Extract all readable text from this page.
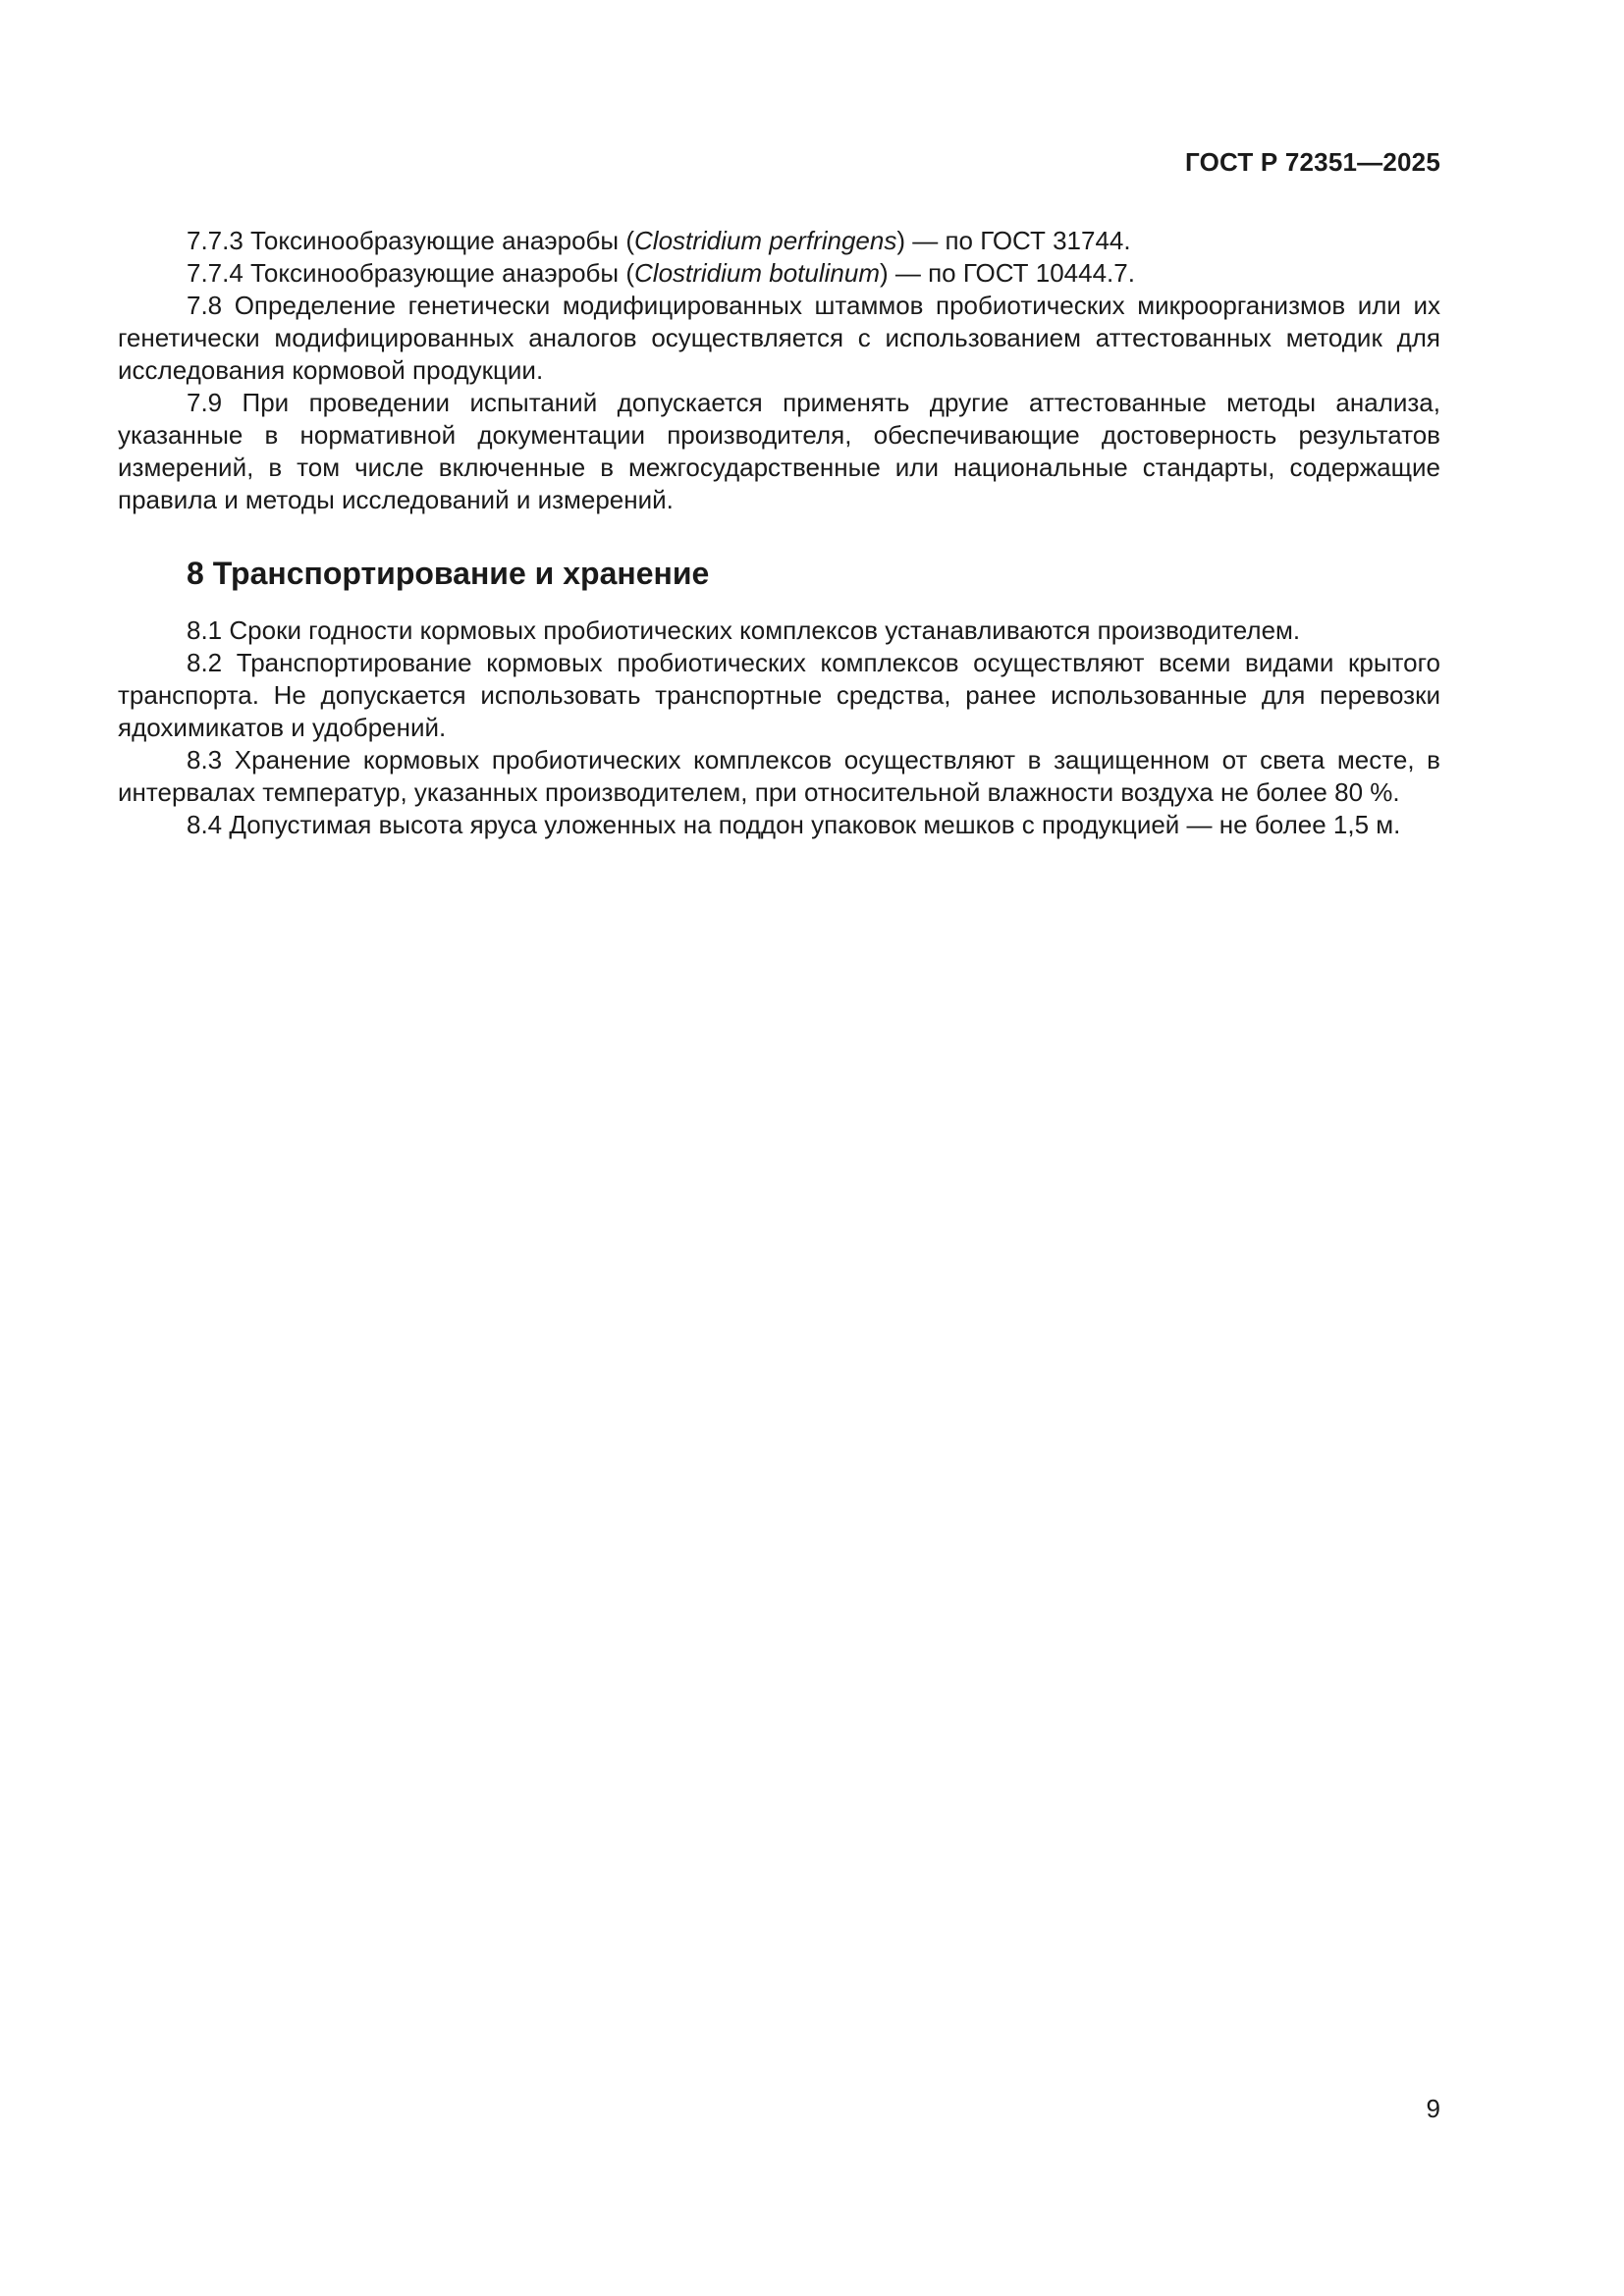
ГОСТ Р 72351—2025

7.7.3 Токсинообразующие анаэробы (Clostridium perfringens) — по ГОСТ 31744.

7.7.4 Токсинообразующие анаэробы (Clostridium botulinum) — по ГОСТ 10444.7.

7.8 Определение генетически модифицированных штаммов пробиотических микроорганизмов или их генетически модифицированных аналогов осуществляется с использованием аттестованных методик для исследования кормовой продукции.

7.9 При проведении испытаний допускается применять другие аттестованные методы анализа, указанные в нормативной документации производителя, обеспечивающие достоверность результатов измерений, в том числе включенные в межгосударственные или национальные стандарты, содержащие правила и методы исследований и измерений.

8 Транспортирование и хранение

8.1 Сроки годности кормовых пробиотических комплексов устанавливаются производителем.

8.2 Транспортирование кормовых пробиотических комплексов осуществляют всеми видами крытого транспорта. Не допускается использовать транспортные средства, ранее использованные для перевозки ядохимикатов и удобрений.

8.3 Хранение кормовых пробиотических комплексов осуществляют в защищенном от света месте, в интервалах температур, указанных производителем, при относительной влажности воздуха не более 80 %.

8.4 Допустимая высота яруса уложенных на поддон упаковок мешков с продукцией — не более 1,5 м.

9
